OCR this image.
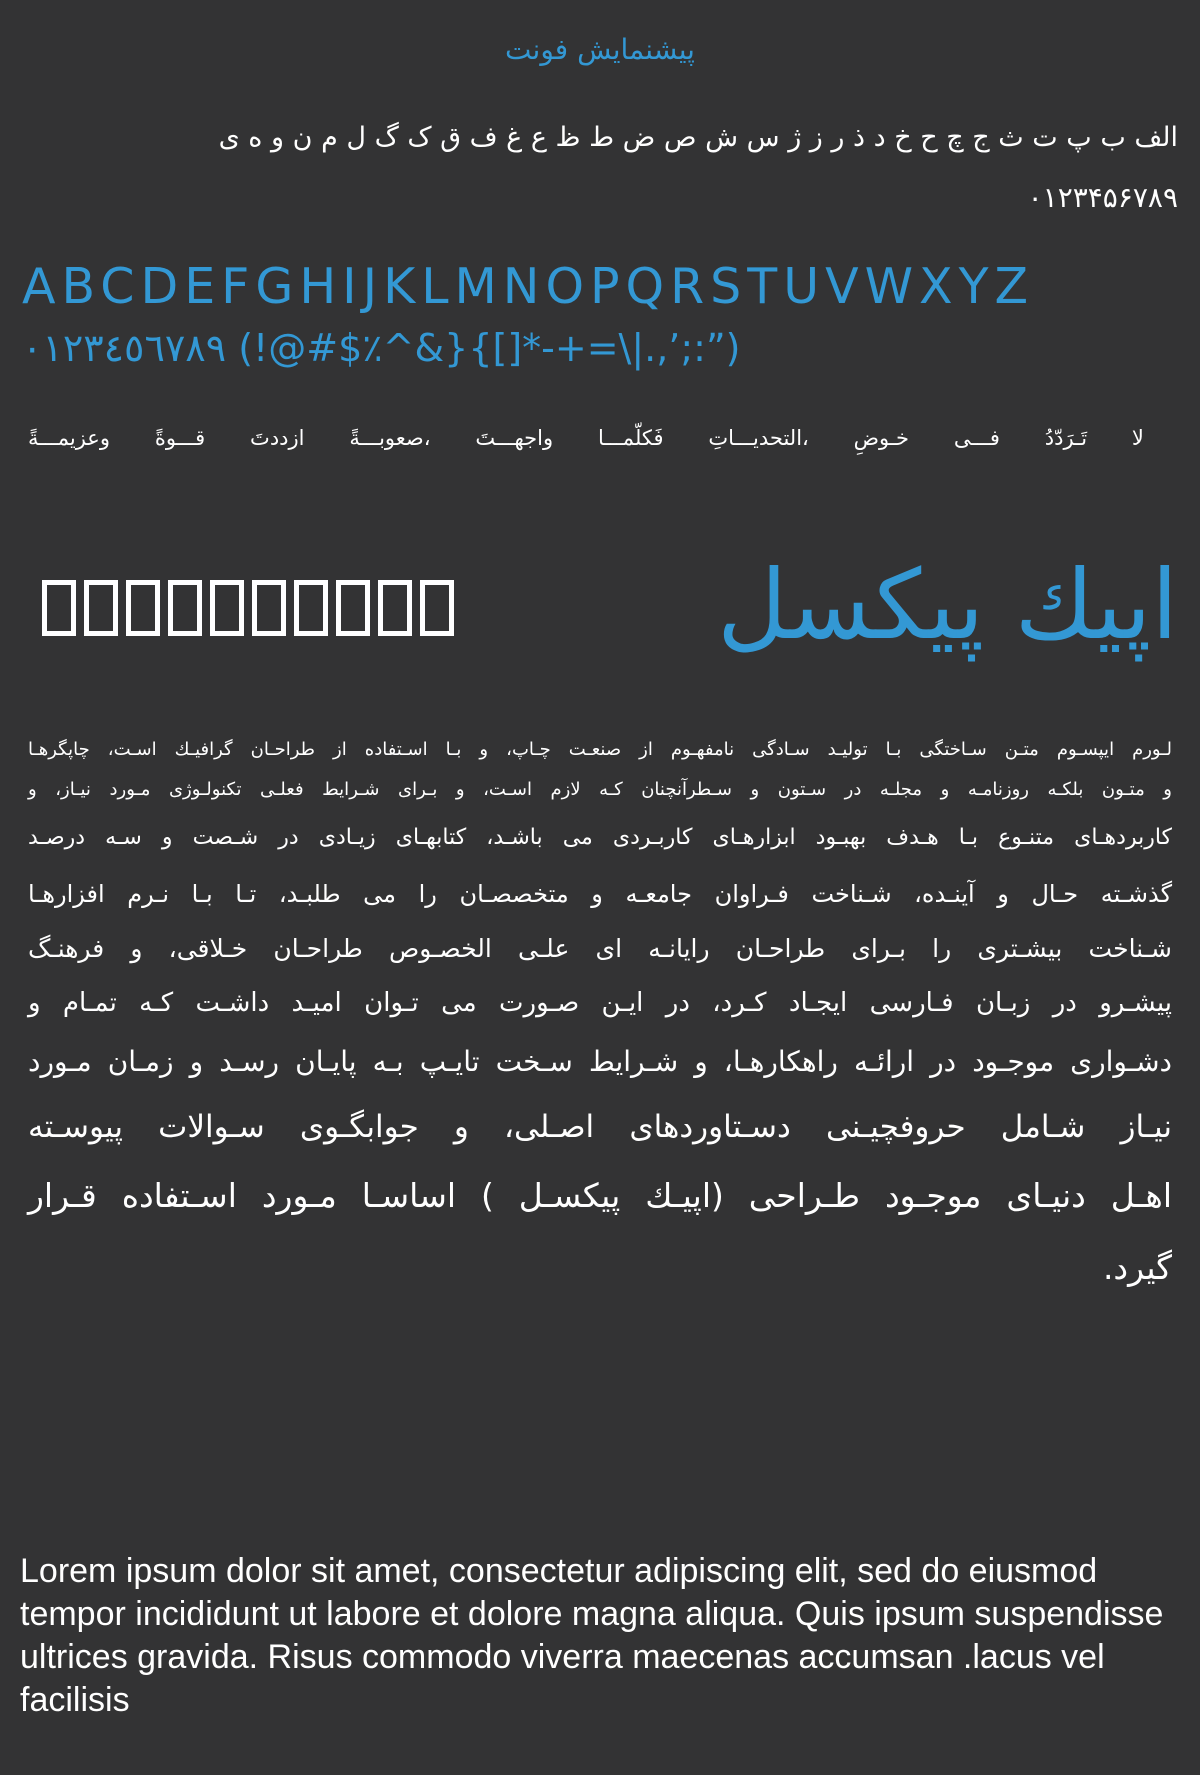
پیشنمایش فونت
الف ب پ ت ث ج چ ح خ د ذ ر ز ژ س ش ص ض ط ظ ع غ ف ق ک گ ل م ن و ه ی
۰۱۲۳۴۵۶۷۸۹
ABCDEFGHIJKLMNOPQRSTUVWXYZ
٠١٢٣٤٥٦٧٨٩ (!@#$٪^&}{[]*-+=\|.,’;:”)
لا
تَـرَدّدُ
فـــی
خـوضِ
التحدیـــاتِ،
فَکلّمـــا
واجهـــتَ
صعوبـــةً،
ازددتَ
قـــوةً
وعزیمـــةً
اپیك پیکسل
لـورم ایپسـوم متـن سـاختگی بـا تولیـد سـادگی نامفهـوم از صنعـت چـاپ، و بـا اسـتفاده از طراحـان گرافیـك اسـت، چاپگرهـا
و متـون بلکـه روزنامـه و مجلـه در سـتون و سـطرآنچنان کـه لازم اسـت، و بـرای شـرایط فعلـی تکنولـوژی مـورد نیـاز، و
کاربردهـای متنـوع بـا هـدف بهبـود ابزارهـای کاربـردی می باشـد، کتابهـای زیـادی در شـصت و سـه درصـد
گذشـته حـال و آینـده، شـناخت فـراوان جامعـه و متخصصـان را می طلبـد، تـا بـا نـرم افزارهـا
شـناخت بیشـتری را بـرای طراحـان رایانـه ای علـی الخصـوص طراحـان خـلاقی، و فرهنـگ
پیشـرو در زبـان فـارسی ایجـاد کـرد، در ایـن صـورت می تـوان امیـد داشـت کـه تمـام و
دشـواری موجـود در ارائـه راهکارهـا، و شـرایط سـخت تایـپ بـه پایـان رسـد و زمـان مـورد
نیـاز شـامل حروفچیـنی دسـتاوردهای اصـلی، و جوابگـوی سـوالات پیوسـته
اهـل دنیـای موجـود طـراحی (اپیـك پیکسـل ) اساسـا مـورد اسـتفاده قـرار
گیرد.
Lorem ipsum dolor sit amet, consectetur adipiscing elit, sed do eiusmod tempor incididunt ut labore et dolore magna aliqua. Quis ipsum suspendisse ultrices gravida. Risus commodo viverra maecenas accumsan .lacus vel facilisis
